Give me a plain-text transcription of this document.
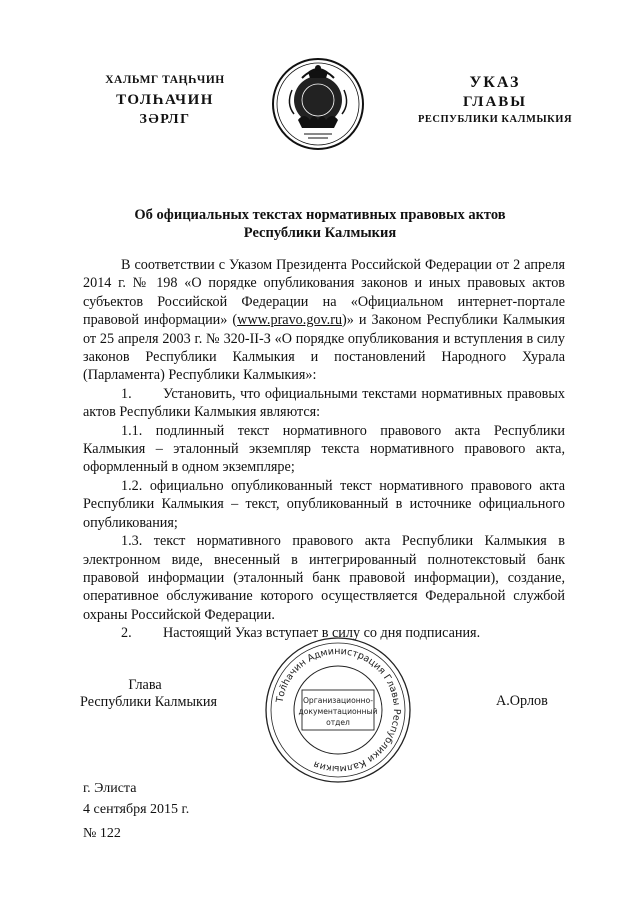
ХАЛЬМГ ТАҢҺЧИН
ТОЛҺАЧИН
ЗӘРЛГ
УКАЗ
ГЛАВЫ
РЕСПУБЛИКИ КАЛМЫКИЯ
Об официальных текстах нормативных правовых актов
Республики Калмыкия

В соответствии с Указом Президента Российской Федерации от 2 апреля 2014 г. № 198 «О порядке опубликования законов и иных правовых актов субъектов Российской Федерации на «Официальном интернет-портале правовой информации» (www.pravo.gov.ru)» и Законом Республики Калмыкия от 25 апреля 2003 г. № 320-II-З «О порядке опубликования и вступления в силу законов Республики Калмыкия и постановлений Народного Хурала (Парламента) Республики Калмыкия»:

1. Установить, что официальными текстами нормативных правовых актов Республики Калмыкия являются:

1.1. подлинный текст нормативного правового акта Республики Калмыкия – эталонный экземпляр текста нормативного правового акта, оформленный в одном экземпляре;

1.2. официально опубликованный текст нормативного правового акта Республики Калмыкия – текст, опубликованный в источнике официального опубликования;

1.3. текст нормативного правового акта Республики Калмыкия в электронном виде, внесенный в интегрированный полнотекстовый банк правовой информации (эталонный банк правовой информации), создание, оперативное обслуживание которого осуществляется Федеральной службой охраны Российской Федерации.

2. Настоящий Указ вступает в силу со дня подписания.

Глава
Республики Калмыкия	Тол̄һачин Администрация Главы Республики Калмыкия
Организационно-
документационный
отдел
А.Орлов
г. Элиста
4 сентября 2015 г.
№ 122
